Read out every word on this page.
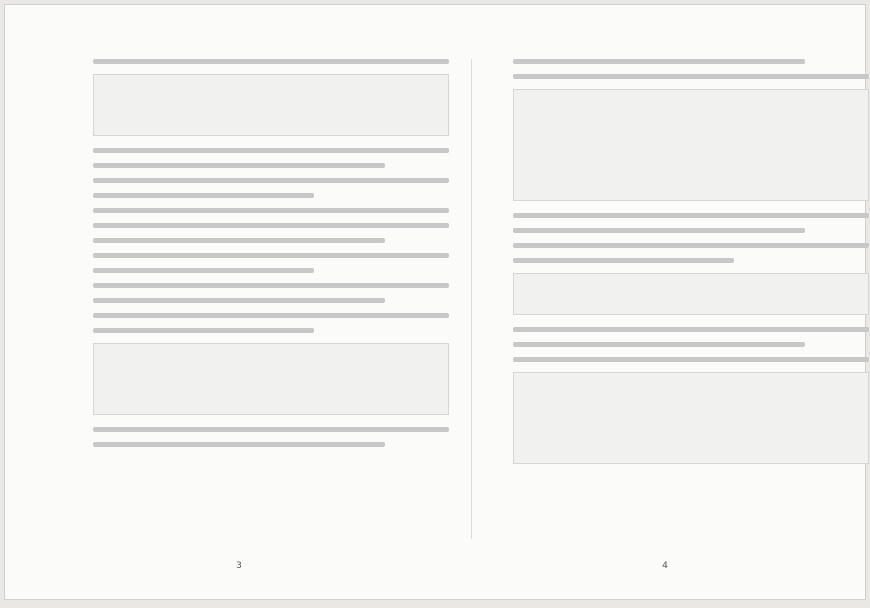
3	4
